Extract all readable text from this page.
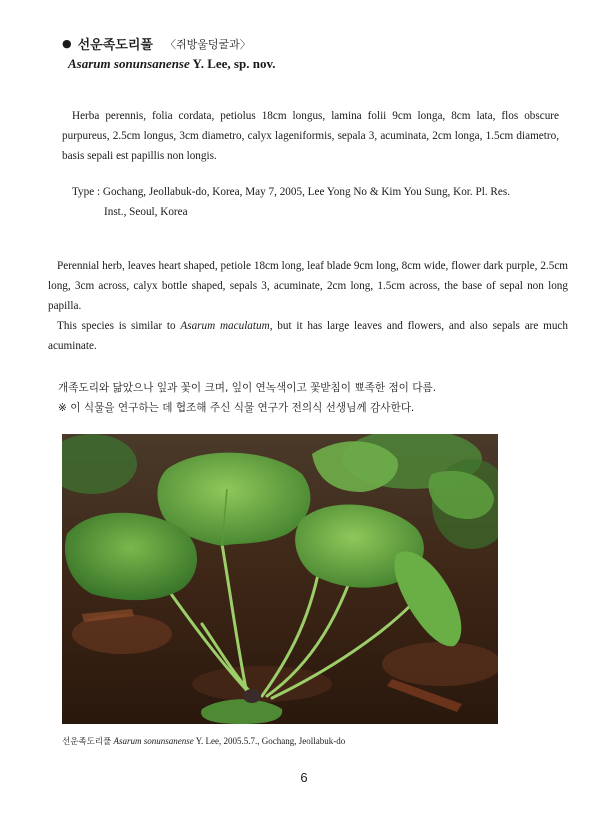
● 선운족도리풀 〈쥐방울덩굴과〉
Asarum sonunsanense Y. Lee, sp. nov.
Herba perennis, folia cordata, petiolus 18cm longus, lamina folii 9cm longa, 8cm lata, flos obscure purpureus, 2.5cm longus, 3cm diametro, calyx lageniformis, sepala 3, acuminata, 2cm longa, 1.5cm diametro, basis sepali est papillis non longis.
Type : Gochang, Jeollabuk-do, Korea, May 7, 2005, Lee Yong No & Kim You Sung, Kor. Pl. Res.
Inst., Seoul, Korea

Perennial herb, leaves heart shaped, petiole 18cm long, leaf blade 9cm long, 8cm wide, flower dark purple, 2.5cm long, 3cm across, calyx bottle shaped, sepals 3, acuminate, 2cm long, 1.5cm across, the base of sepal non long papilla.

This species is similar to Asarum maculatum, but it has large leaves and flowers, and also sepals are much acuminate.

개족도리와 닮았으나 잎과 꽃이 크며, 잎이 연녹색이고 꽃받침이 뾰족한 점이 다름.

※ 이 식물을 연구하는 데 협조해 주신 식물 연구가 전의식 선생님께 감사한다.

선운족도리풀 Asarum sonunsanense Y. Lee, 2005.5.7., Gochang, Jeollabuk-do
6
